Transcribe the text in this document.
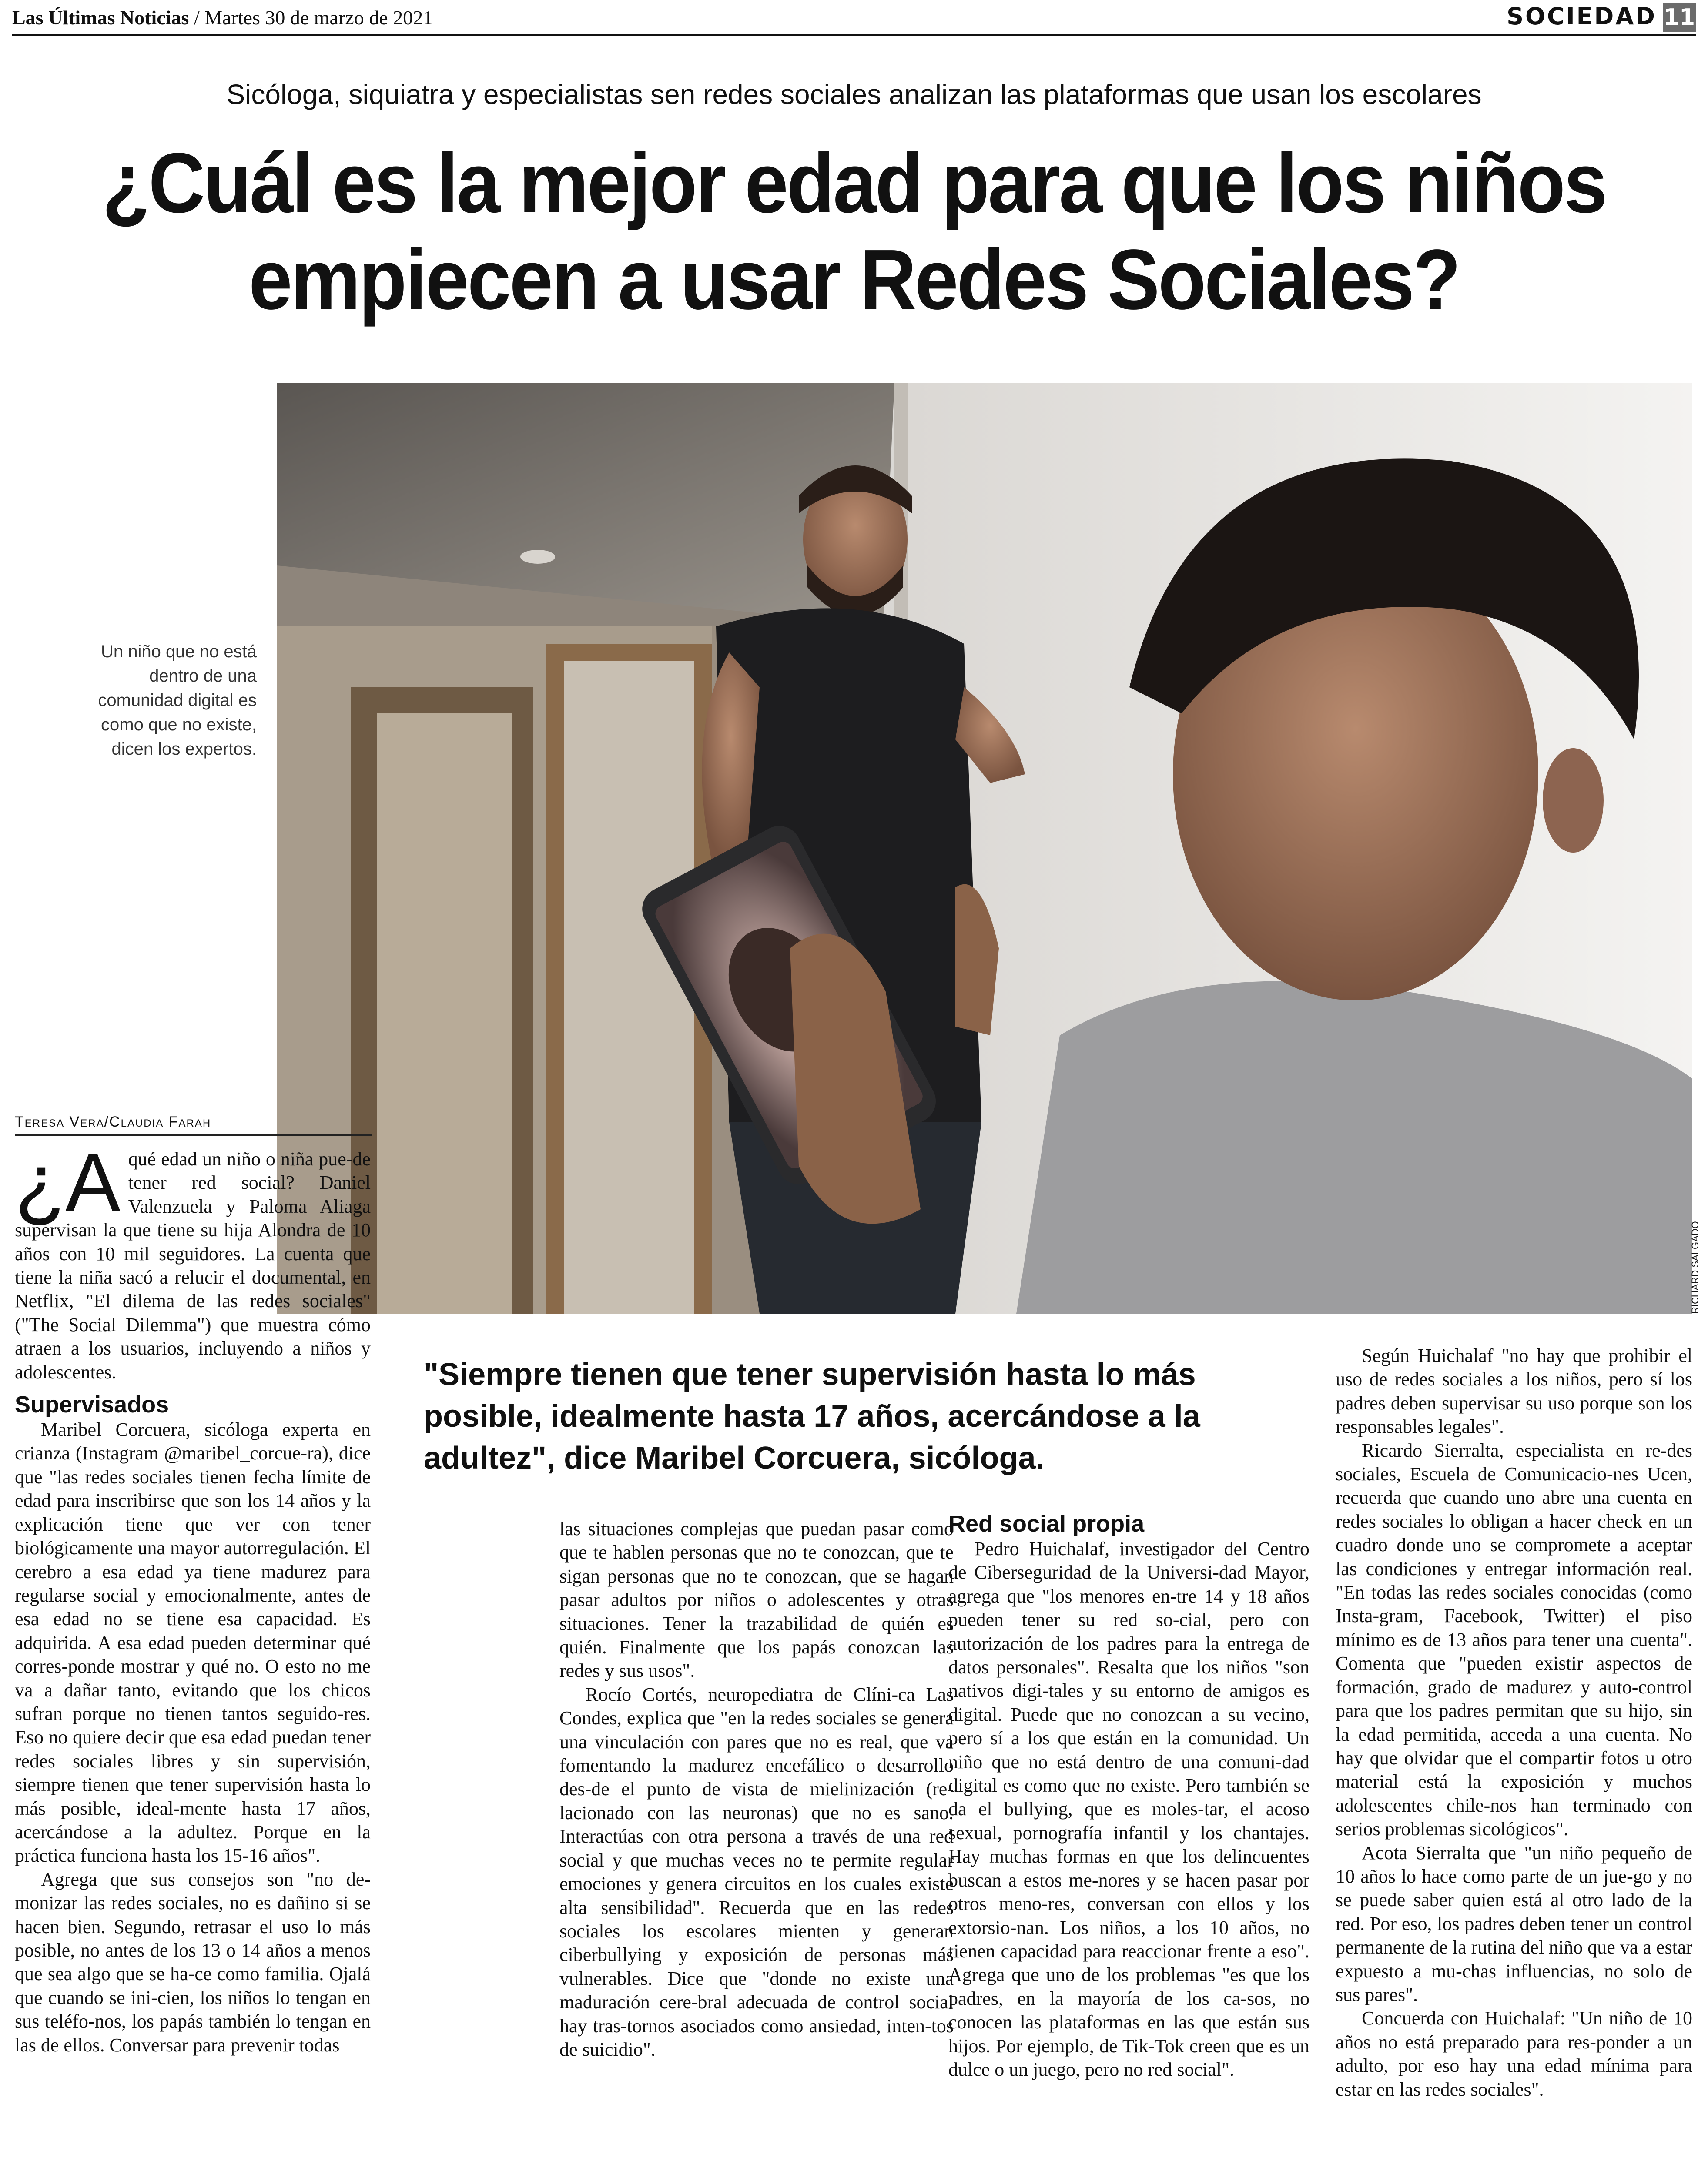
Las Últimas Noticias / Martes 30 de marzo de 2021	SOCIEDAD 11
Sicóloga, siquiatra y especialistas sen redes sociales analizan las plataformas que usan los escolares
¿Cuál es la mejor edad para que los niños
empiecen a usar Redes Sociales?
RICHARD SALGADO
Un niño que no está dentro de una comunidad digital es como que no existe, dicen los expertos.
Teresa Vera/Claudia Farah

¿A qué edad un niño o niña pue-de tener red social? Daniel Valenzuela y Paloma Aliaga supervisan la que tiene su hija Alondra de 10 años con 10 mil seguidores. La cuenta que tiene la niña sacó a relucir el documental, en Netflix, "El dilema de las redes sociales" ("The Social Dilemma") que muestra cómo atraen a los usuarios, incluyendo a niños y adolescentes.

Supervisados

Maribel Corcuera, sicóloga experta en crianza (Instagram @maribel_corcue-ra), dice que "las redes sociales tienen fecha límite de edad para inscribirse que son los 14 años y la explicación tiene que ver con tener biológicamente una mayor autorregulación. El cerebro a esa edad ya tiene madurez para regularse social y emocionalmente, antes de esa edad no se tiene esa capacidad. Es adquirida. A esa edad pueden determinar qué corres-ponde mostrar y qué no. O esto no me va a dañar tanto, evitando que los chicos sufran porque no tienen tantos seguido-res. Eso no quiere decir que esa edad puedan tener redes sociales libres y sin supervisión, siempre tienen que tener supervisión hasta lo más posible, ideal-mente hasta 17 años, acercándose a la adultez. Porque en la práctica funciona hasta los 15-16 años".

Agrega que sus consejos son "no de-monizar las redes sociales, no es dañino si se hacen bien. Segundo, retrasar el uso lo más posible, no antes de los 13 o 14 años a menos que sea algo que se ha-ce como familia. Ojalá que cuando se ini-cien, los niños lo tengan en sus teléfo-nos, los papás también lo tengan en las de ellos. Conversar para prevenir todas

"Siempre tienen que tener supervisión hasta lo más posible, idealmente hasta 17 años, acercándose a la adultez", dice Maribel Corcuera, sicóloga.

las situaciones complejas que puedan pasar como que te hablen personas que no te conozcan, que te sigan personas que no te conozcan, que se hagan pasar adultos por niños o adolescentes y otras situaciones. Tener la trazabilidad de quién es quién. Finalmente que los papás conozcan las redes y sus usos".

Rocío Cortés, neuropediatra de Clíni-ca Las Condes, explica que "en la redes sociales se genera una vinculación con pares que no es real, que va fomentando la madurez encefálico o desarrollo des-de el punto de vista de mielinización (re-lacionado con las neuronas) que no es sano. Interactúas con otra persona a través de una red social y que muchas veces no te permite regular emociones y genera circuitos en los cuales existe alta sensibilidad". Recuerda que en las redes sociales los escolares mienten y generan ciberbullying y exposición de personas más vulnerables. Dice que "donde no existe una maduración cere-bral adecuada de control social hay tras-tornos asociados como ansiedad, inten-tos de suicidio".

Red social propia

Pedro Huichalaf, investigador del Centro de Ciberseguridad de la Universi-dad Mayor, agrega que "los menores en-tre 14 y 18 años pueden tener su red so-cial, pero con autorización de los padres para la entrega de datos personales". Resalta que los niños "son nativos digi-tales y su entorno de amigos es digital. Puede que no conozcan a su vecino, pero sí a los que están en la comunidad. Un niño que no está dentro de una comuni-dad digital es como que no existe. Pero también se da el bullying, que es moles-tar, el acoso sexual, pornografía infantil y los chantajes. Hay muchas formas en que los delincuentes buscan a estos me-nores y se hacen pasar por otros meno-res, conversan con ellos y los extorsio-nan. Los niños, a los 10 años, no tienen capacidad para reaccionar frente a eso". Agrega que uno de los problemas "es que los padres, en la mayoría de los ca-sos, no conocen las plataformas en las que están sus hijos. Por ejemplo, de Tik-Tok creen que es un dulce o un juego, pero no red social".

Según Huichalaf "no hay que prohibir el uso de redes sociales a los niños, pero sí los padres deben supervisar su uso porque son los responsables legales".

Ricardo Sierralta, especialista en re-des sociales, Escuela de Comunicacio-nes Ucen, recuerda que cuando uno abre una cuenta en redes sociales lo obligan a hacer check en un cuadro donde uno se compromete a aceptar las condiciones y entregar información real. "En todas las redes sociales conocidas (como Insta-gram, Facebook, Twitter) el piso mínimo es de 13 años para tener una cuenta". Comenta que "pueden existir aspectos de formación, grado de madurez y auto-control para que los padres permitan que su hijo, sin la edad permitida, acceda a una cuenta. No hay que olvidar que el compartir fotos u otro material está la exposición y muchos adolescentes chile-nos han terminado con serios problemas sicológicos".

Acota Sierralta que "un niño pequeño de 10 años lo hace como parte de un jue-go y no se puede saber quien está al otro lado de la red. Por eso, los padres deben tener un control permanente de la rutina del niño que va a estar expuesto a mu-chas influencias, no solo de sus pares".

Concuerda con Huichalaf: "Un niño de 10 años no está preparado para res-ponder a un adulto, por eso hay una edad mínima para estar en las redes sociales".
